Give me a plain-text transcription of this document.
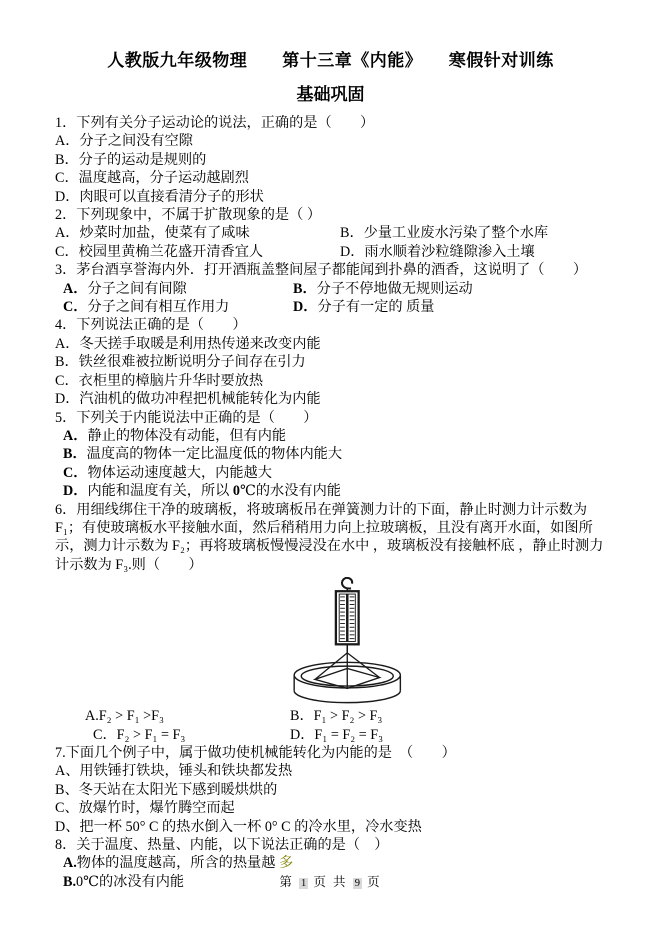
人教版九年级物理　　第十三章《内能》　　寒假针对训练
基础巩固
1．下列有关分子运动论的说法，正确的是（　　）
A．分子之间没有空隙
B．分子的运动是规则的
C．温度越高，分子运动越剧烈
D．肉眼可以直接看清分子的形状
2．下列现象中，不属于扩散现象的是（ ）
A．炒菜时加盐，使菜有了咸味	B．少量工业废水污染了整个水库
C．校园里黄桷兰花盛开清香宜人	D．雨水顺着沙粒缝隙渗入土壤
3．茅台酒享誉海内外．打开酒瓶盖整间屋子都能闻到扑鼻的酒香，这说明了（　　）
A．分子之间有间隙	B．分子不停地做无规则运动
C．分子之间有相互作用力	D．分子有一定的 质量
4．下列说法正确的是（　　）
A．冬天搓手取暖是利用热传递来改变内能
B．铁丝很难被拉断说明分子间存在引力
C．衣柜里的樟脑片升华时要放热
D．汽油机的做功冲程把机械能转化为内能
5．下列关于内能说法中正确的是（　　）
A．静止的物体没有动能，但有内能
B．温度高的物体一定比温度低的物体内能大
C．物体运动速度越大，内能越大
D．内能和温度有关，所以 0℃的水没有内能
6．用细线绑住干净的玻璃板，将玻璃板吊在弹簧测力计的下面，静止时测力计示数为
F₁；有使玻璃板水平接触水面，然后稍稍用力向上拉玻璃板，且没有离开水面，如图所
示，测力计示数为 F₂；再将玻璃板慢慢浸没在水中 ，玻璃板没有接触杯底 ，静止时测力
计示数为 F₃.则（　　）
A.F₂ > F₁ >F₃	B．F₁ > F₂ > F₃
C．F₂ > F₁ = F₃	D．F₁ = F₂ = F₃
7.下面几个例子中，属于做功使机械能转化为内能的是　（　　）
A、用铁锤打铁块，锤头和铁块都发热
B、冬天站在太阳光下感到暖烘烘的
C、放爆竹时，爆竹腾空而起
D、把一杯 50° C 的热水倒入一杯 0° C 的冷水里，冷水变热
8．关于温度、热量、内能，以下说法正确的是（　）
A.物体的温度越高，所含的热量越 多
B.0℃的冰没有内能	第 1 页 共 9 页
